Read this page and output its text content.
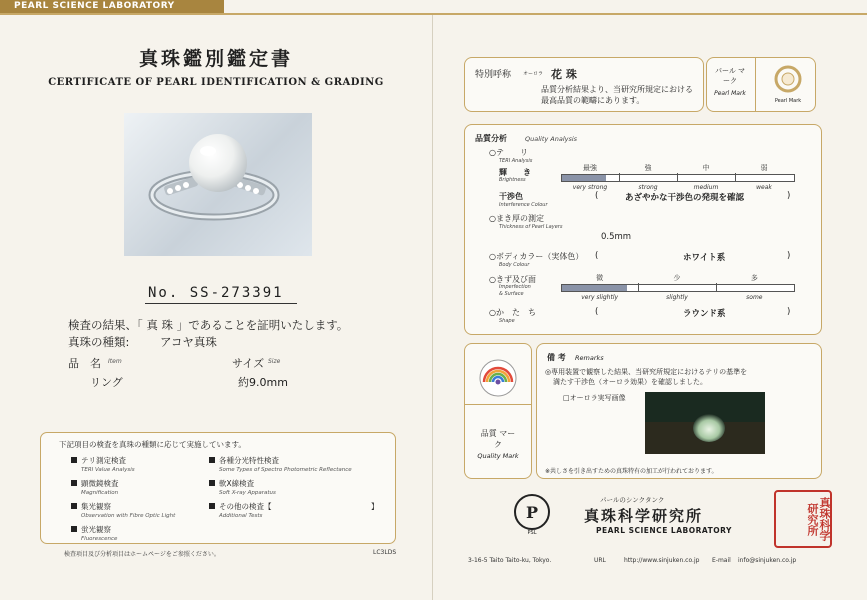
PEARL SCIENCE LABORATORY
真珠鑑別鑑定書
CERTIFICATE OF PEARL IDENTIFICATION & GRADING
No. SS-273391
検査の結果、「 真 珠 」であることを証明いたします。
真珠の種類:	アコヤ真珠
品　名 Item	サイズ Size
リング	約9.0mm
下記項目の検査を真珠の種類に応じて実施しています。
テリ測定検査
TERI Value Analysis
各種分光特性検査
Some Types of Spectro Photometric Reflectance
顕微鏡検査
Magnification
軟X線検査
Soft X-ray Apparatus
集光観察
Observation with Fibre Optic Light
その他の検査【
Additional Tests
】
蛍光観察
Fluorescence
検査項目及び分析項目はホームページをご参照ください。	LC3LDS
特別呼称 オーロラ 花 珠
品質分析結果より、当研究所規定における
最高品質の範疇にあります。
パール マーク
Pearl Mark
Pearl Mark
品質分析	Quality Analysis
○テ　　リ
TERI Analysis
輝　　き
Brightness
最強
very strong
強
strong
中
medium
弱
weak
干渉色
Interference Colour
(	あざやかな干渉色の発現を確認	)
○まき厚の測定
Thickness of Pearl Layers
0.5mm
○ボディカラー（実体色）
Body Colour
(	ホワイト系	)
○きず及び面
Imperfection
& Surface
微
very slightly
少
slightly
多
some
○か　た　ち
Shape
(	ラウンド系	)
品質 マーク
Quality Mark
備 考 Remarks
◎専用装置で観察した結果、当研究所規定におけるテリの基準を
満たす干渉色（オーロラ効果）を確認しました。
□オーロラ実写画像
※共しさを引き出すための真珠特有の加工が行われております。
P
PSL
パールのシンクタンク
真珠科学研究所
PEARL SCIENCE LABORATORY	真珠科学研究所
3-16-5 Taito Taito-ku, Tokyo.	URL	http://www.sinjuken.co.jp E-mail info@sinjuken.co.jp
